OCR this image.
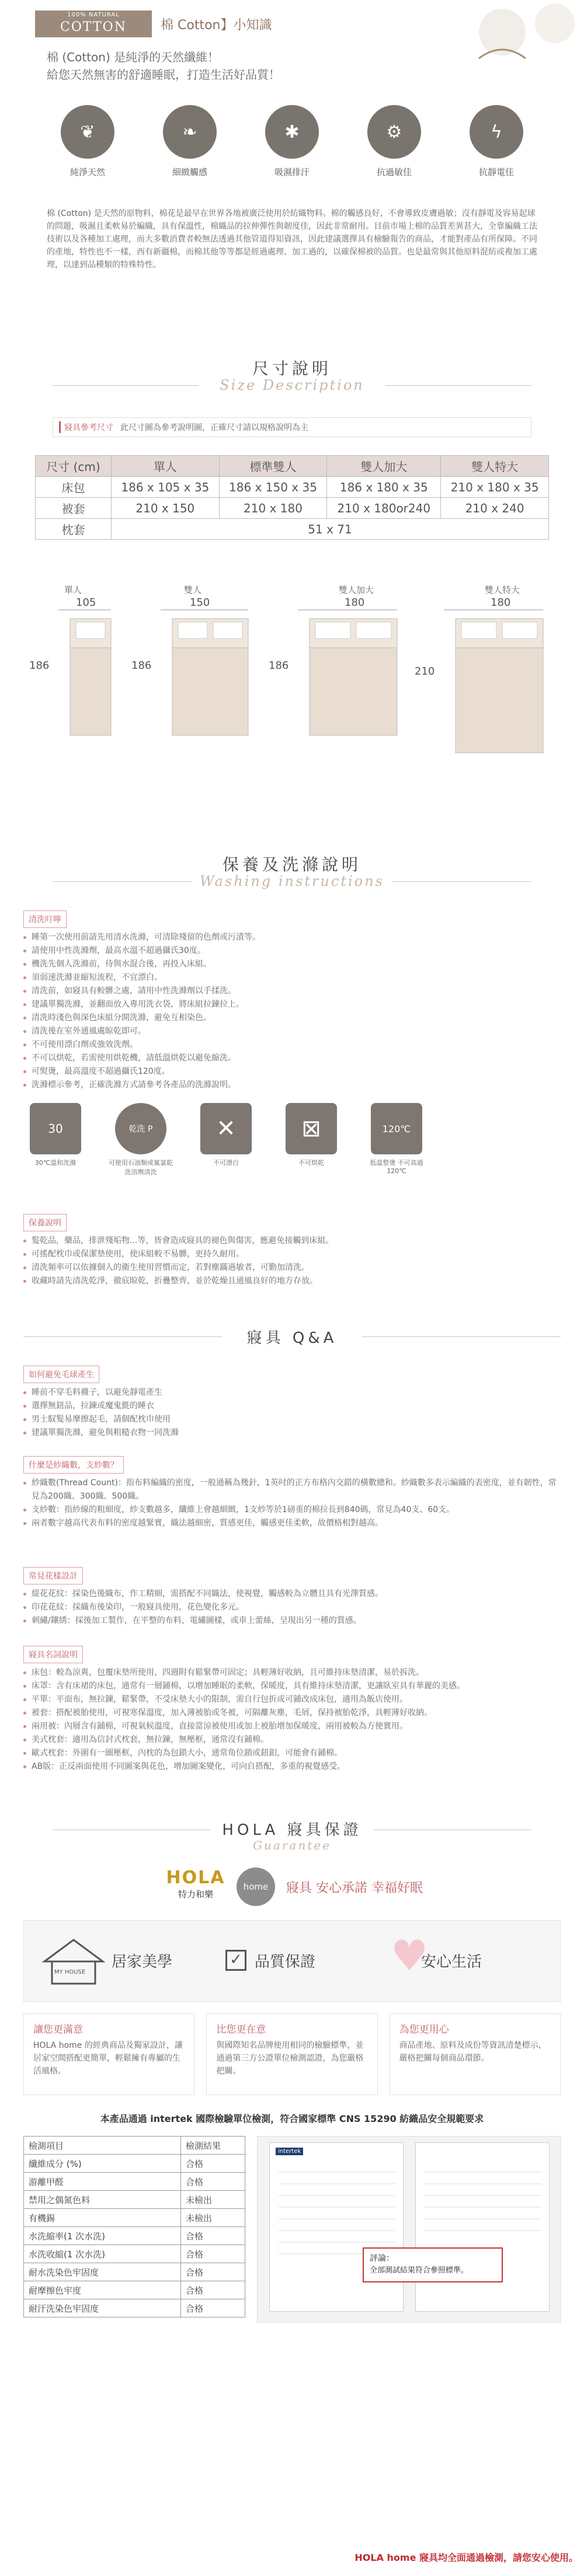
100% NATURAL
COTTON	棉 Cotton】小知識
棉 (Cotton) 是純淨的天然纖維！
給您天然無害的舒適睡眠，打造生活好品質！
❦
純淨天然
❧
細緻觸感
✱
吸濕排汗
⚙
抗過敏佳
ϟ
抗靜電佳
棉 (Cotton) 是天然的原物料，棉花是最早在世界各地被廣泛使用於紡織物料。棉的觸感良好，不會導致皮膚過敏；沒有靜電及容易起球的問題，吸濕且柔軟易於編織，具有保溫性，棉織品的拉伸彈性與韌度佳，因此非常耐用。目前市場上棉的品質差異甚大，全靠編織工法技術以及各種加工處理，而大多數消費者較無法透過其他管道得知資訊，因此建議選擇具有檢驗報告的商品，才能對產品有所保障。不同的產地，特性也不一樣，西有新疆棉，而棉其他等等都是經過處理、加工過的，以確保棉被的品質。也是最常與其他原料混紡或複加工處理，以達到品種類的特殊特性。
尺寸說明
Size Description
寢具參考尺寸 此尺寸圖為參考說明圖，正確尺寸請以規格說明為主
尺寸 (cm)	單人	標準雙人	雙人加大	雙人特大
床包	186 x 105 x 35	186 x 150 x 35	186 x 180 x 35	210 x 180 x 35
被套	210 x 150	210 x 180	210 x 180or240	210 x 240
枕套	51 x 71			
單人
105
186
雙人
150
186
雙人加大
180
186
雙人特大
180
210
保養及洗滌說明
Washing instructions
清洗叮嚀
睡第一次使用前請先用清水洗滌，可清除殘留的色劑或污漬等。
請使用中性洗滌劑，最高水溫不超過攝氏30度。
機洗先個人洗滌前，待與水混合後，再投入床組。
須弱速洗滌並縮短流程，不宜漂白。
清洗前，如寢具有較髒之處，請用中性洗滌劑以手揉洗。
建議單獨洗滌，並翻面放入專用洗衣袋，將床組拉鍊拉上。
清洗時淺色與深色床組分開洗滌，避免互相染色。
清洗後在室外通風處晾乾即可。
不可使用漂白劑或強效洗劑。
不可以烘乾，若需使用烘乾機，請低溫烘乾以避免縮洗。
可熨燙，最高溫度不超過攝氏120度。
洗滌標示參考，正確洗滌方式請參考各產品的洗滌說明。
30
30℃溫和洗滌
乾洗 P
可使用石油類或氟氯乾洗溶劑清洗
✕
不可漂白
⊠
不可烘乾
120℃
低溫整燙 不可高過 120℃
保養說明
髮乾品，藥品，排泄殘垢物...等，皆會造成寢具的褪色與傷害，應避免接觸到床組。
可搖配枕巾或保潔墊使用，使床組較不易髒，更持久耐用。
清洗頻率可以依據個人的衛生使用習慣而定，若對塵蹣過敏者，可勤加清洗。
收藏時請先清洗乾淨，徹底晾乾，折疊整齊，並於乾燥且通風良好的地方存放。
寢具 Q&A
如何避免毛球產生
睡前不穿毛料襪子，以避免靜電產生
選擇無鈕品，拉鍊或魔鬼氈的睡衣
男士馭髮易摩擦起毛，請個配枕巾使用
建議單獨洗滌，避免與粗糙衣物一同洗滌
什麼是紗織數，支紗數？
紗織數(Thread Count)：指布料編織的密度，一般通稱為幾針，1英吋的正方布格內交錯的橫數總和。紗織數多表示編織的表密度，並有韌性，常見為200織、300織、500織。
支紗數：指紗線的粗細度，紗支數越多，纖維上會越細緻，1支紗等於1磅重的棉拉長到840碼，常見為40支、60支。
兩者數字越高代表布料的密度越緊實，織法越細密，質感更佳，觸感更佳柔軟，故價格相對越高。
常見花樣設計
緹花花紋：採染色後織布，作工精細，需搭配不同織法，使視覺，觸感較為立體且具有光澤質感。
印花花紋：採織布後染印，一般寢具使用，花色變化多元。
刺繡/鑲綉：採後加工製作，在平整的布料，電繡圖樣，或車上蕾絲，呈現出另一種的質感。
寢具名詞說明
床包：較為涼爽，包覆床墊所使用，四週附有鬆緊帶可固定；具輕薄好收納，且可維持床墊清潔，易於拆洗。
床罩：含有床裙的床包，通常有一層鋪棉，以增加睡眠的柔軟，保暖度，具有維持床墊清潔，更讓臥室具有華麗的美感。
平單：平面布，無拉鍊，鬆緊帶，不受床墊大小的限制，需自行包折或可鋪改成床包，適用為飯店使用。
被套：搭配被胎使用，可視寒保溫度，加入薄被胎或冬被，可隔離灰塵，毛屑，保持被胎乾淨，具輕薄好收納。
兩用被：內層含有鋪棉，可視氣候溫度，直接當涼被使用或加上被胎增加保暖度，兩用被較為方便實用。
美式枕套：適用為信封式枕套，無拉鍊，無壓框，通常沒有鋪棉。
歐式枕套：外圍有一圈壓框，內枕的為包鎖大小，通常角位鎖或鈕釦，可能會有鋪棉。
AB版：正反兩面使用不同圖案與花色，增加圖案變化，可向自搭配，多重的視覺感受。
HOLA 寢具保證
Guarantee
HOLA
特力和樂
home	寢具 安心承諾 幸福好眠
MY HOUSE
居家美學	✓ 品質保證 ♥
安心生活
讓您更滿意
HOLA home 的經典商品及獨家設計，讓居家空間搭配更簡單，輕鬆擁有專屬的生活風格。
比您更在意
與國際知名品牌使用相同的檢驗標準，並通過第三方公證單位檢測認證，為您嚴格把關。
為您更用心
商品產地、原料及成份等資訊清楚標示，嚴格把關每個商品環節。
本產品通過 intertek 國際檢驗單位檢測，符合國家標準 CNS 15290 紡織品安全規範要求
檢測項目	檢測結果
纖維成分 (%)	合格
游離甲醛	合格
禁用之偶氮色料	未檢出
有機錫	未檢出
水洗縮率(1 次水洗)	合格
水洗收縮(1 次水洗)	合格
耐水洗染色牢固度	合格
耐摩擦色牢度	合格
耐汗洗染色牢固度	合格
intertek
評論：
全部測試結果符合參照標準。
HOLA home 寢具均全面通過檢測，請您安心使用。
